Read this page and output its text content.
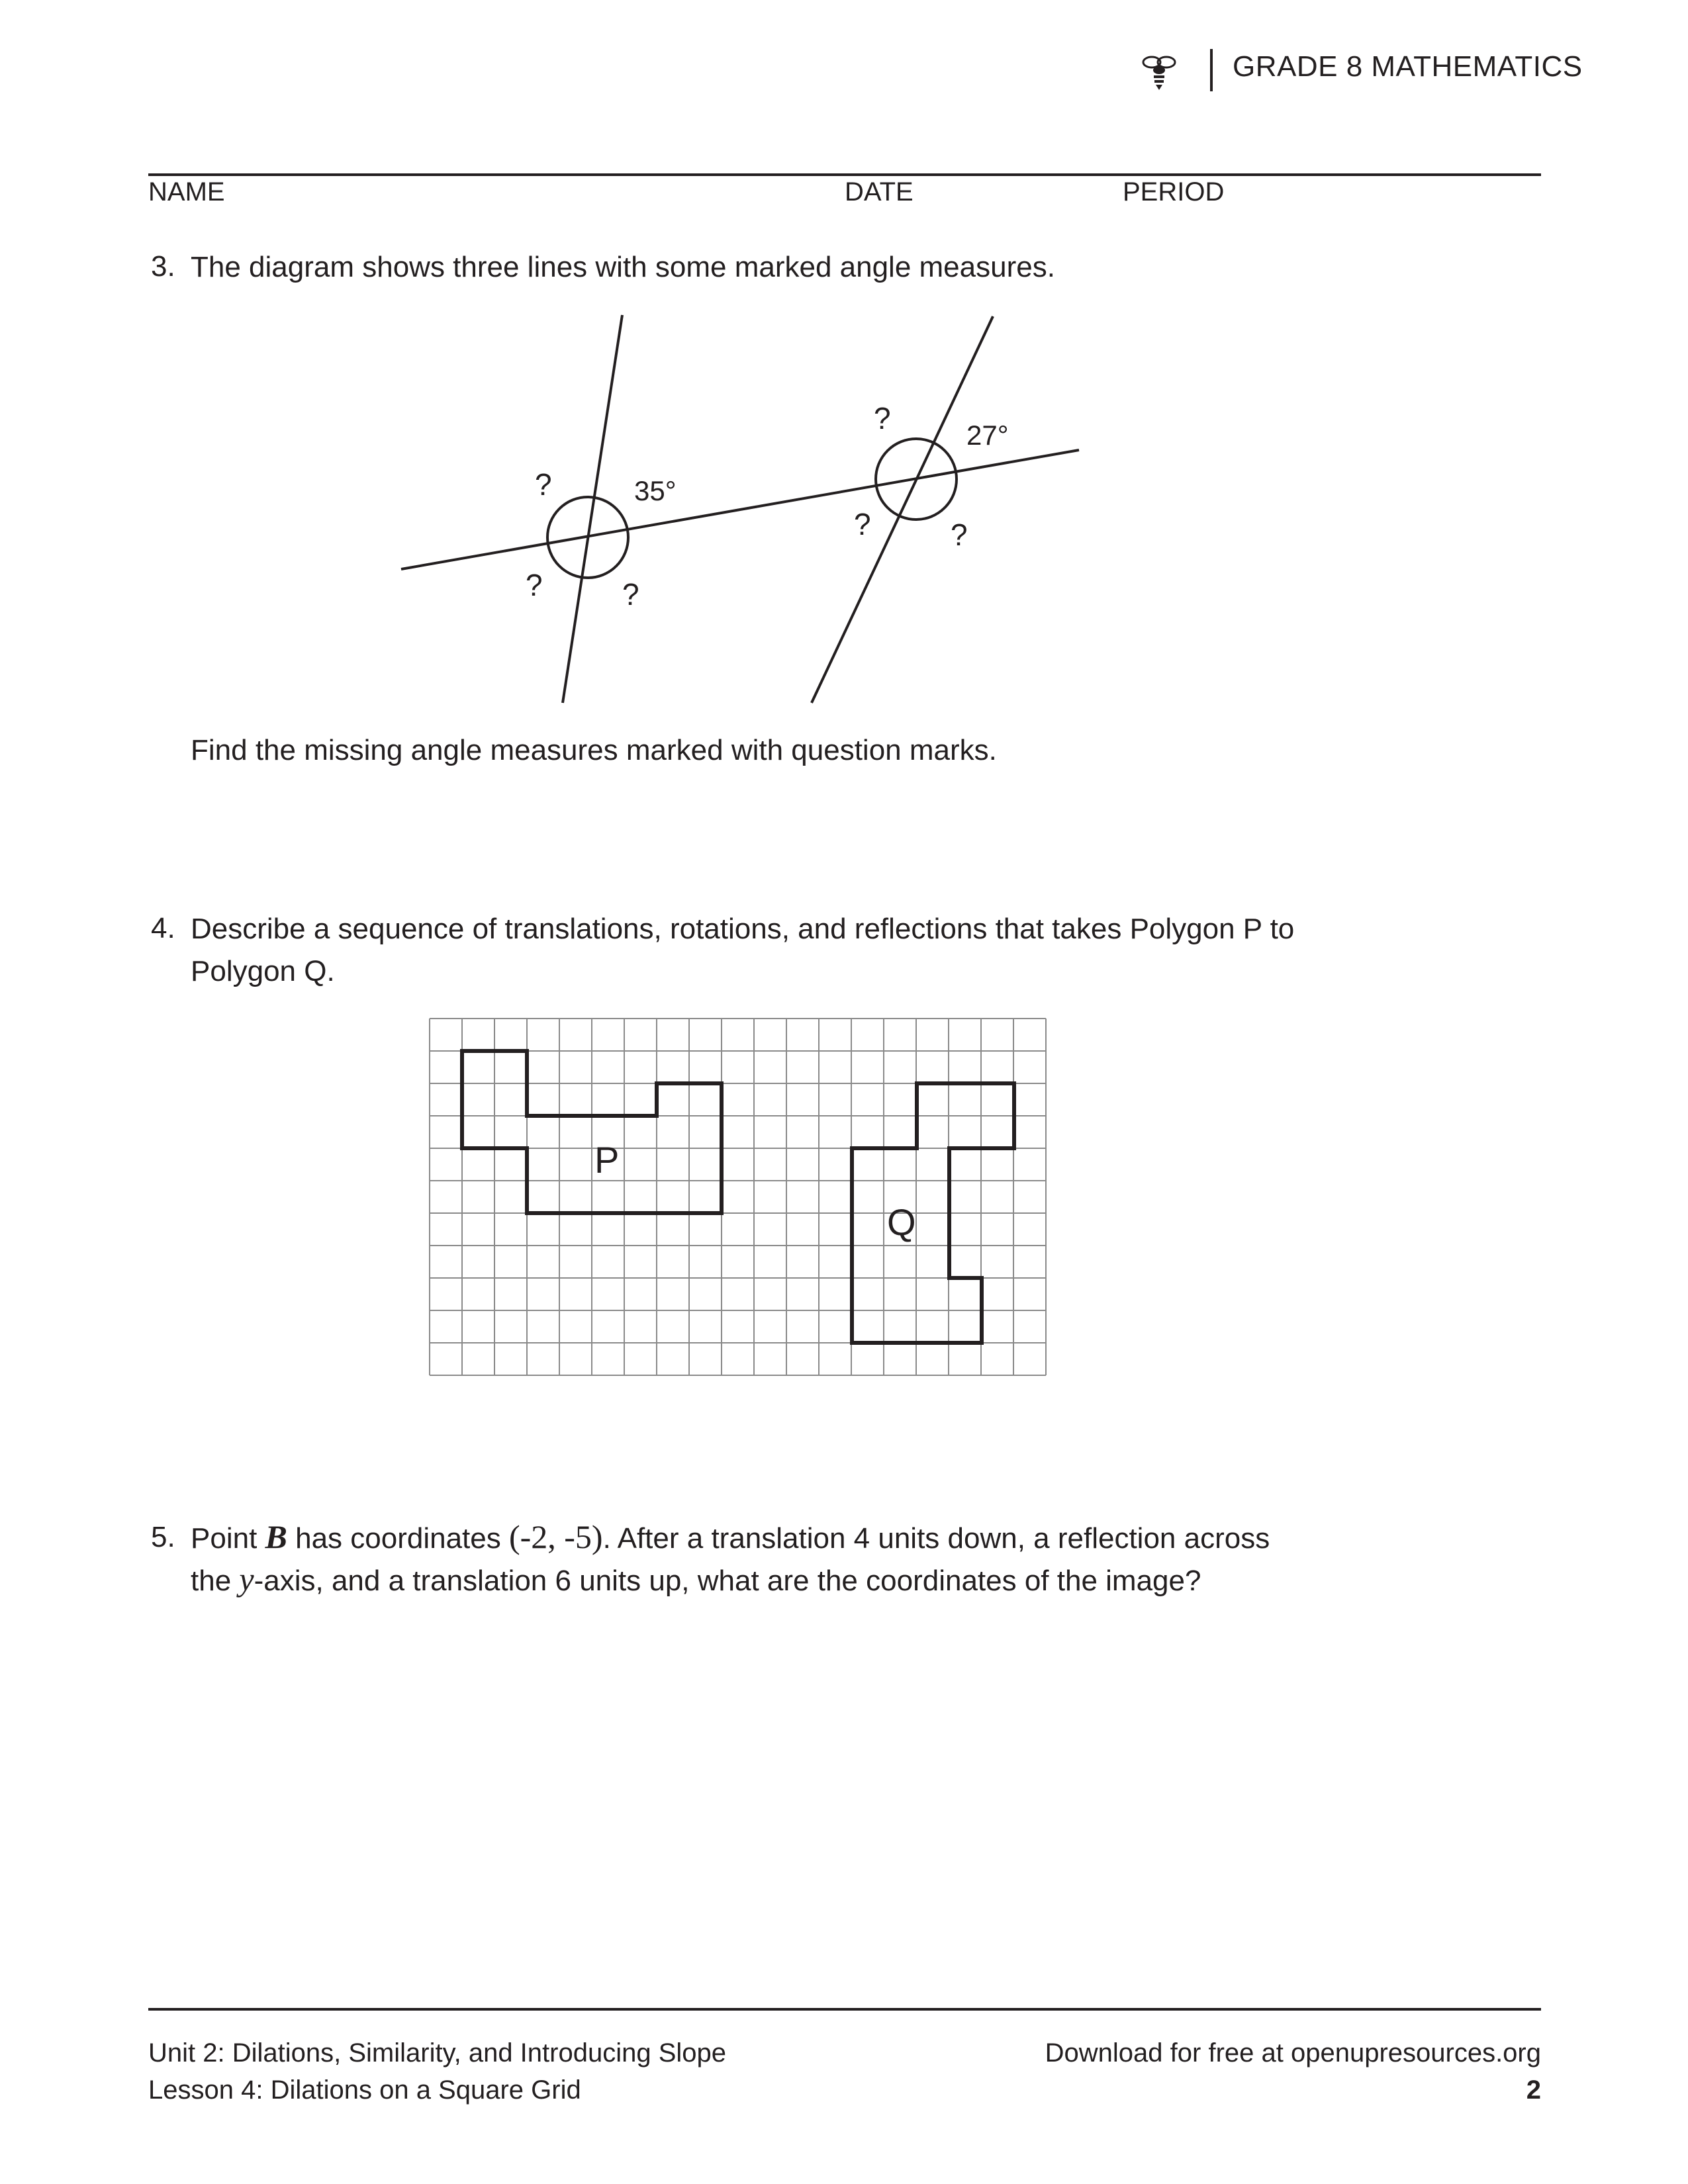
GRADE 8 MATHEMATICS
NAME	DATE	PERIOD
3. The diagram shows three lines with some marked angle measures.
35°
27°
?
?	?
?
?	?
Find the missing angle measures marked with question marks.
4. Describe a sequence of translations, rotations, and reflections that takes Polygon P to
Polygon Q.
P
Q
5. Point B has coordinates (-2, -5). After a translation 4 units down, a reflection across
the y-axis, and a translation 6 units up, what are the coordinates of the image?
Unit 2: Dilations, Similarity, and Introducing Slope
Lesson 4: Dilations on a Square Grid
Download for free at openupresources.org
2
